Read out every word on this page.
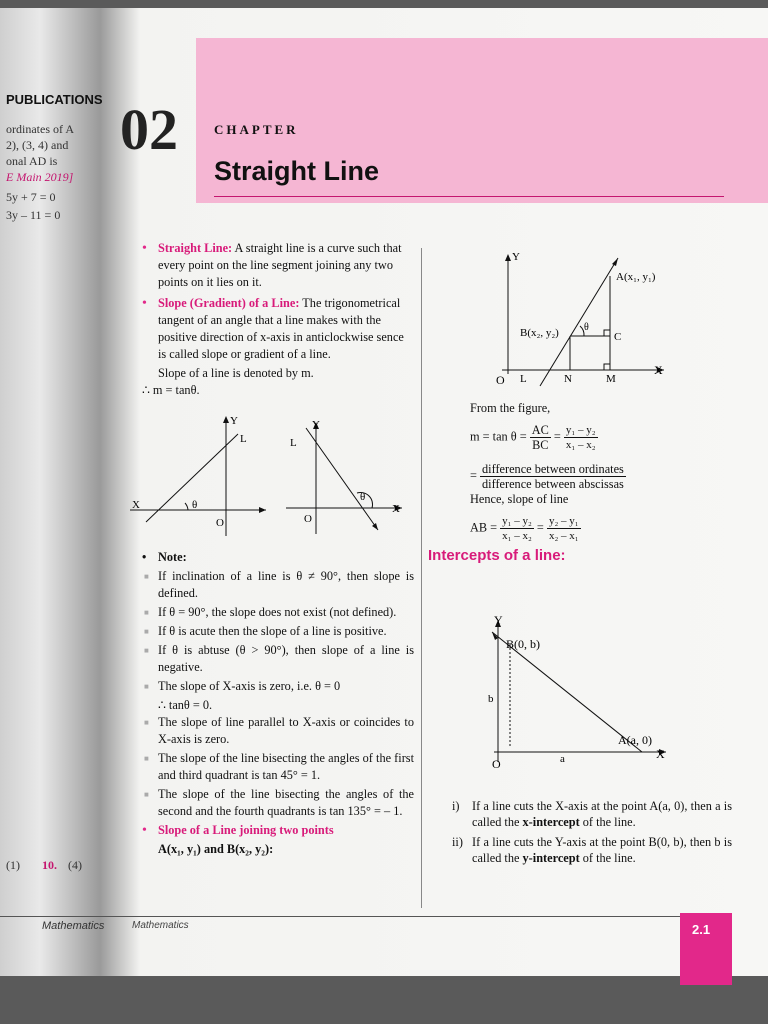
PUBLICATIONS
ordinates of A
2), (3, 4) and
onal AD is
E Main 2019]
5y + 7 = 0
3y – 11 = 0
(1) 10. (4)
02	CHAPTER
Straight Line
• Straight Line: A straight line is a curve such that every point on the line segment joining any two points on it lies on it.
• Slope (Gradient) of a Line: The trigonometrical tangent of an angle that a line makes with the positive direction of x-axis in anticlockwise sence is called slope or gradient of a line.

Slope of a line is denoted by m.

∴ m = tanθ.

• Note:
■ If inclination of a line is θ ≠ 90°, then slope is defined.
■ If θ = 90°, the slope does not exist (not defined).
■ If θ is acute then the slope of a line is positive.
■ If θ is abtuse (θ > 90°), then slope of a line is negative.
■ The slope of X-axis is zero, i.e. θ = 0

∴ tanθ = 0.

■ The slope of line parallel to X-axis or coincides to X-axis is zero.
■ The slope of the line bisecting the angles of the first and third quadrant is tan 45° = 1.
■ The slope of the line bisecting the angles of the second and the fourth quadrants is tan 135° = – 1.
• Slope of a Line joining two points

A(x₁, y₁) and B(x₂, y₂):

Y
L
X
O
θ
Y
L
X
O
θ
Y
X
A(x₁, y₁)
B(x₂, y₂)	C
O L	N	M
θ

From the figure,

$m = \tan \theta = \frac{AC}{BC} = \frac{\text{y₁ – y₂}}{\text{x₁ – x₂}}$
= $\frac{\text{difference between ordinates}}{\text{difference between abscissas}}$

Hence, slope of line

AB = $\frac{\text{y₁ – y₂}}{\text{x₁ – x₂}} = \frac{\text{y₂ – y₁}}{\text{x₂ – x₁}}$
Intercepts of a line:
Y
X
O
B(0, b)
A(a, 0)
a
b
i) If a line cuts the X-axis at the point A(a, 0), then a is called the x-intercept of the line.
ii) If a line cuts the Y-axis at the point B(0, b), then b is called the y-intercept of the line.
Mathematics	Mathematics	2.1
